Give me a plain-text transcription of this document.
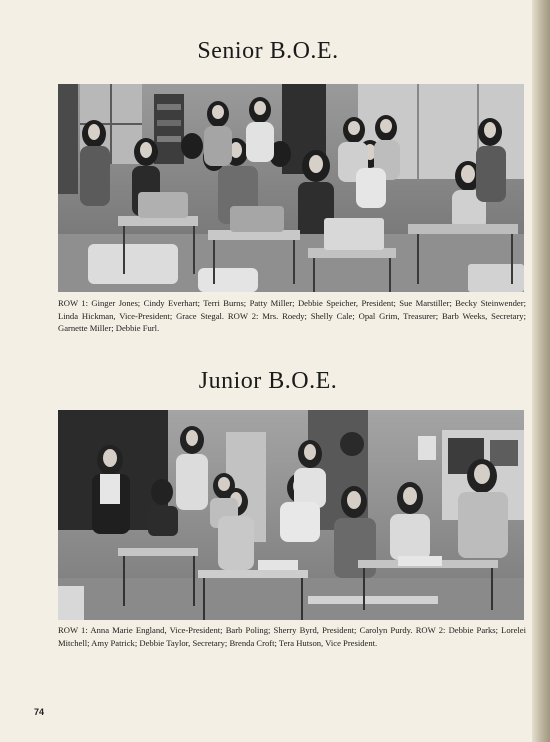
Senior B.O.E.
ROW 1: Ginger Jones; Cindy Everhart; Terri Burns; Patty Miller; Debbie Speicher, President; Sue Marstiller; Becky Steinwender; Linda Hickman, Vice-President; Grace Stegal. ROW 2: Mrs. Roedy; Shelly Cale; Opal Grim, Treasurer; Barb Weeks, Secretary; Garnette Miller; Debbie Furl.
Junior B.O.E.
ROW 1: Anna Marie England, Vice-President; Barb Poling; Sherry Byrd, President; Carolyn Purdy. ROW 2: Debbie Parks; Lorelei Mitchell; Amy Patrick; Debbie Taylor, Secretary; Brenda Croft; Tera Hutson, Vice President.
74
